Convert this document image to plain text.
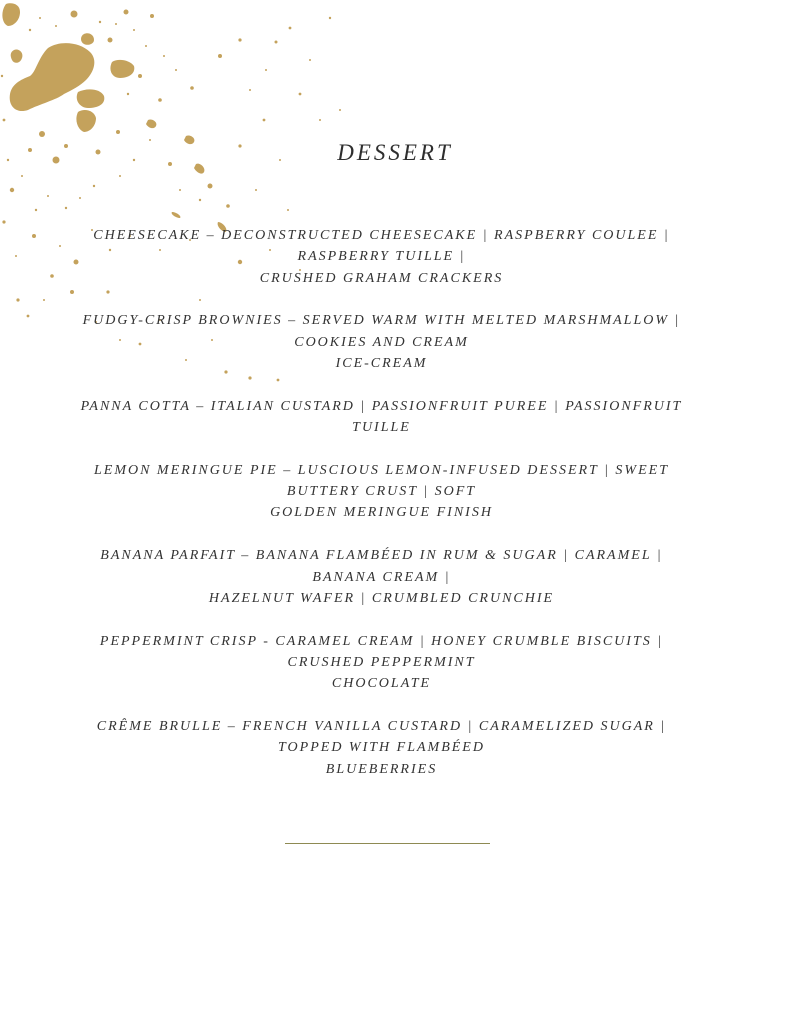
DESSERT
CHEESECAKE – DECONSTRUCTED CHEESECAKE | RASPBERRY COULEE |
RASPBERRY TUILLE |
CRUSHED GRAHAM CRACKERS
FUDGY-CRISP BROWNIES – SERVED WARM WITH MELTED MARSHMALLOW |
COOKIES AND CREAM
ICE-CREAM
PANNA COTTA – ITALIAN CUSTARD | PASSIONFRUIT PUREE | PASSIONFRUIT
TUILLE
LEMON MERINGUE PIE – LUSCIOUS LEMON-INFUSED DESSERT | SWEET
BUTTERY CRUST | SOFT
GOLDEN MERINGUE FINISH
BANANA PARFAIT – BANANA FLAMBÉED IN RUM & SUGAR | CARAMEL |
BANANA CREAM |
HAZELNUT WAFER | CRUMBLED CRUNCHIE
PEPPERMINT CRISP - CARAMEL CREAM | HONEY CRUMBLE BISCUITS |
CRUSHED PEPPERMINT
CHOCOLATE
CRÊME BRULLE – FRENCH VANILLA CUSTARD | CARAMELIZED SUGAR |
TOPPED WITH FLAMBÉED
BLUEBERRIES
